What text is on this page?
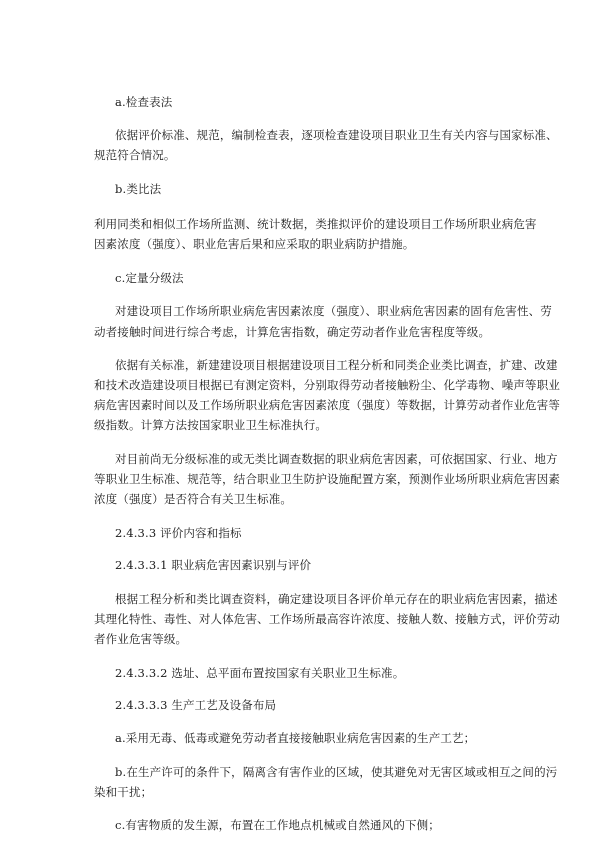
a.检查表法
依据评价标准、规范，编制检查表，逐项检查建设项目职业卫生有关内容与国家标准、
规范符合情况。
b.类比法
利用同类和相似工作场所监测、统计数据，类推拟评价的建设项目工作场所职业病危害
因素浓度（强度）、职业危害后果和应采取的职业病防护措施。
c.定量分级法
对建设项目工作场所职业病危害因素浓度（强度）、职业病危害因素的固有危害性、劳
动者接触时间进行综合考虑，计算危害指数，确定劳动者作业危害程度等级。
依据有关标准，新建建设项目根据建设项目工程分析和同类企业类比调查，扩建、改建
和技术改造建设项目根据已有测定资料，分别取得劳动者接触粉尘、化学毒物、噪声等职业
病危害因素时间以及工作场所职业病危害因素浓度（强度）等数据，计算劳动者作业危害等
级指数。计算方法按国家职业卫生标准执行。
对目前尚无分级标准的或无类比调查数据的职业病危害因素，可依据国家、行业、地方
等职业卫生标准、规范等，结合职业卫生防护设施配置方案，预测作业场所职业病危害因素
浓度（强度）是否符合有关卫生标准。
2.4.3.3 评价内容和指标
2.4.3.3.1 职业病危害因素识别与评价
根据工程分析和类比调查资料，确定建设项目各评价单元存在的职业病危害因素，描述
其理化特性、毒性、对人体危害、工作场所最高容许浓度、接触人数、接触方式，评价劳动
者作业危害等级。
2.4.3.3.2 选址、总平面布置按国家有关职业卫生标准。
2.4.3.3.3 生产工艺及设备布局
a.采用无毒、低毒或避免劳动者直接接触职业病危害因素的生产工艺；
b.在生产许可的条件下，隔离含有害作业的区域，使其避免对无害区域或相互之间的污
染和干扰；
c.有害物质的发生源，布置在工作地点机械或自然通风的下侧；
